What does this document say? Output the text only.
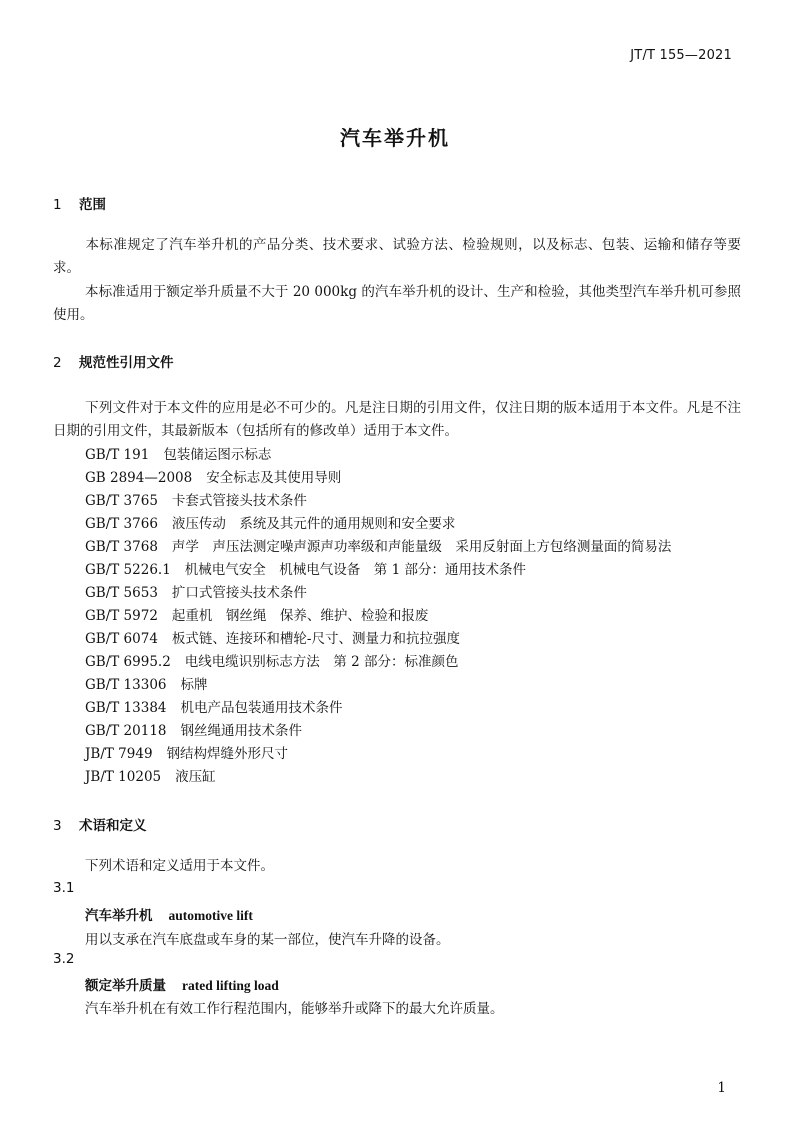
JT/T 155—2021
汽车举升机
1 范围
本标准规定了汽车举升机的产品分类、技术要求、试验方法、检验规则，以及标志、包装、运输和储存等要求。
本标准适用于额定举升质量不大于 20 000kg 的汽车举升机的设计、生产和检验，其他类型汽车举升机可参照使用。
2 规范性引用文件
下列文件对于本文件的应用是必不可少的。凡是注日期的引用文件，仅注日期的版本适用于本文件。凡是不注日期的引用文件，其最新版本（包括所有的修改单）适用于本文件。
GB/T 191 包装储运图示标志
GB 2894—2008 安全标志及其使用导则
GB/T 3765 卡套式管接头技术条件
GB/T 3766 液压传动　系统及其元件的通用规则和安全要求
GB/T 3768 声学　声压法测定噪声源声功率级和声能量级　采用反射面上方包络测量面的简易法
GB/T 5226.1 机械电气安全　机械电气设备　第 1 部分：通用技术条件
GB/T 5653 扩口式管接头技术条件
GB/T 5972 起重机　钢丝绳　保养、维护、检验和报废
GB/T 6074 板式链、连接环和槽轮-尺寸、测量力和抗拉强度
GB/T 6995.2 电线电缆识别标志方法　第 2 部分：标准颜色
GB/T 13306 标牌
GB/T 13384 机电产品包装通用技术条件
GB/T 20118 钢丝绳通用技术条件
JB/T 7949 钢结构焊缝外形尺寸
JB/T 10205 液压缸
3 术语和定义
下列术语和定义适用于本文件。
3.1
汽车举升机 automotive lift
用以支承在汽车底盘或车身的某一部位，使汽车升降的设备。
3.2
额定举升质量 rated lifting load
汽车举升机在有效工作行程范围内，能够举升或降下的最大允许质量。
1
